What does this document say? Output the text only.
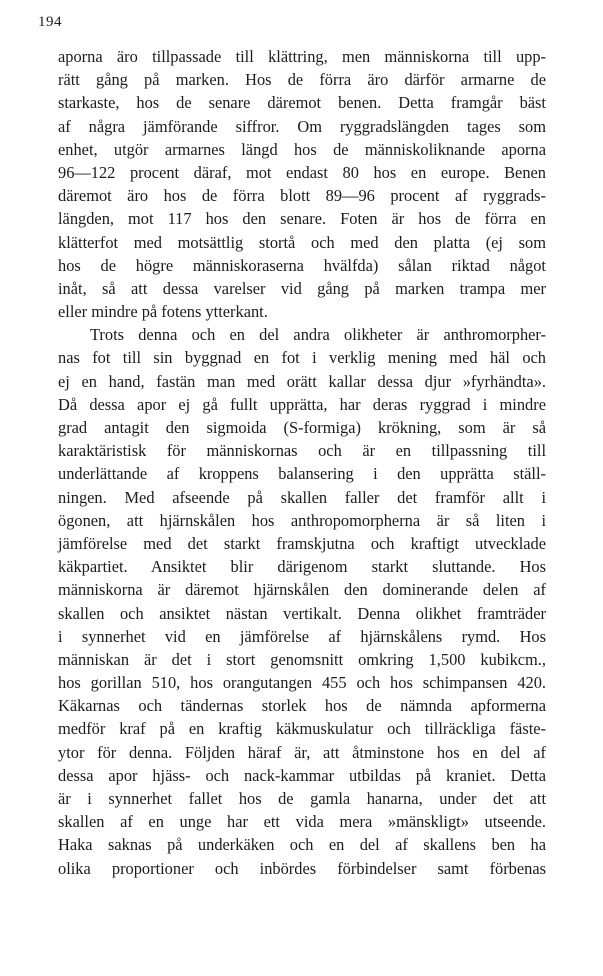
194
aporna äro tillpassade till klättring, men människorna till upp-
rätt gång på marken. Hos de förra äro därför armarne de
starkaste, hos de senare däremot benen. Detta framgår bäst
af några jämförande siffror. Om ryggradslängden tages som
enhet, utgör armarnes längd hos de människoliknande aporna
96—122 procent däraf, mot endast 80 hos en europe. Benen
däremot äro hos de förra blott 89—96 procent af ryggrads-
längden, mot 117 hos den senare. Foten är hos de förra en
klätterfot med motsättlig stortå och med den platta (ej som
hos de högre människoraserna hvälfda) sålan riktad något
inåt, så att dessa varelser vid gång på marken trampa mer
eller mindre på fotens ytterkant.
Trots denna och en del andra olikheter är anthromorpher-
nas fot till sin byggnad en fot i verklig mening med häl och
ej en hand, fastän man med orätt kallar dessa djur »fyrhändta».
Då dessa apor ej gå fullt upprätta, har deras ryggrad i mindre
grad antagit den sigmoida (S-formiga) krökning, som är så
karaktäristisk för människornas och är en tillpassning till
underlättande af kroppens balansering i den upprätta ställ-
ningen. Med afseende på skallen faller det framför allt i
ögonen, att hjärnskålen hos anthropomorpherna är så liten i
jämförelse med det starkt framskjutna och kraftigt utvecklade
käkpartiet. Ansiktet blir därigenom starkt sluttande. Hos
människorna är däremot hjärnskålen den dominerande delen af
skallen och ansiktet nästan vertikalt. Denna olikhet framträder
i synnerhet vid en jämförelse af hjärnskålens rymd. Hos
människan är det i stort genomsnitt omkring 1,500 kubikcm.,
hos gorillan 510, hos orangutangen 455 och hos schimpansen 420.
Käkarnas och tändernas storlek hos de nämnda apformerna
medför kraf på en kraftig käkmuskulatur och tillräckliga fäste-
ytor för denna. Följden häraf är, att åtminstone hos en del af
dessa apor hjäss- och nack-kammar utbildas på kraniet. Detta
är i synnerhet fallet hos de gamla hanarna, under det att
skallen af en unge har ett vida mera »mänskligt» utseende.
Haka saknas på underkäken och en del af skallens ben ha
olika proportioner och inbördes förbindelser samt förbenas
